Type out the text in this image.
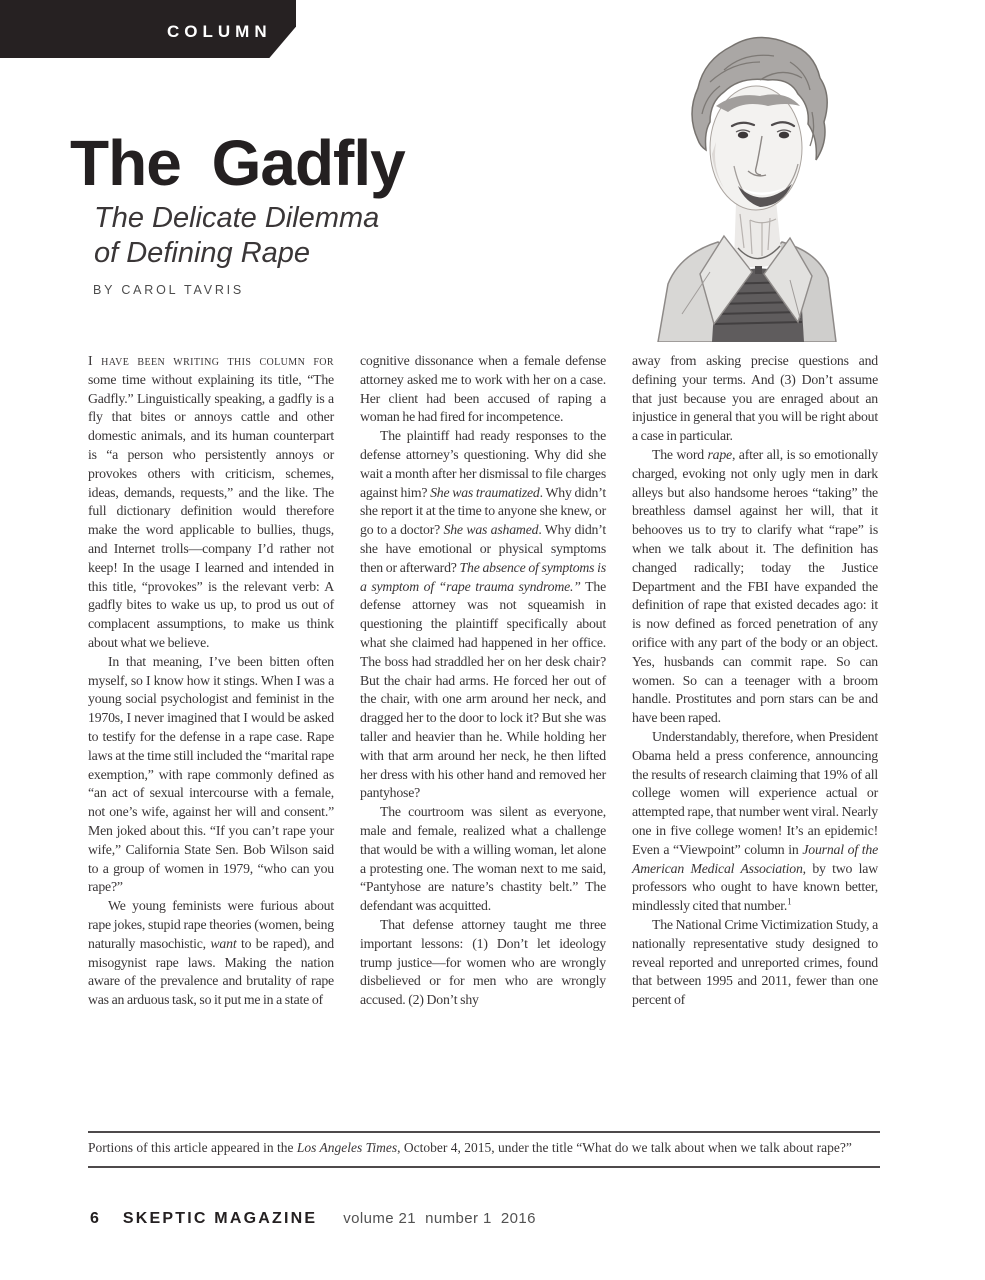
COLUMN
The Gadfly
The Delicate Dilemma
of Defining Rape
BY CAROL TAVRIS

I have been writing this column for some time without explaining its title, “The Gadfly.” Linguistically speaking, a gadfly is a fly that bites or annoys cattle and other domestic animals, and its human counterpart is “a person who persistently annoys or provokes others with criticism, schemes, ideas, demands, requests,” and the like. The full dictionary definition would therefore make the word applicable to bullies, thugs, and Internet trolls—company I’d rather not keep! In the usage I learned and intended in this title, “provokes” is the relevant verb: A gadfly bites to wake us up, to prod us out of complacent assumptions, to make us think about what we believe.

In that meaning, I’ve been bitten often myself, so I know how it stings. When I was a young social psychologist and feminist in the 1970s, I never imagined that I would be asked to testify for the defense in a rape case. Rape laws at the time still included the “marital rape exemption,” with rape commonly defined as “an act of sexual intercourse with a female, not one’s wife, against her will and consent.” Men joked about this. “If you can’t rape your wife,” California State Sen. Bob Wilson said to a group of women in 1979, “who can you rape?”

We young feminists were furious about rape jokes, stupid rape theories (women, being naturally masochistic, want to be raped), and misogynist rape laws. Making the nation aware of the prevalence and brutality of rape was an arduous task, so it put me in a state of

cognitive dissonance when a female defense attorney asked me to work with her on a case. Her client had been accused of raping a woman he had fired for incompetence.

The plaintiff had ready responses to the defense attorney’s questioning. Why did she wait a month after her dismissal to file charges against him? She was traumatized. Why didn’t she report it at the time to anyone she knew, or go to a doctor? She was ashamed. Why didn’t she have emotional or physical symptoms then or afterward? The absence of symptoms is a symptom of “rape trauma syndrome.” The defense attorney was not squeamish in questioning the plaintiff specifically about what she claimed had happened in her office. The boss had straddled her on her desk chair? But the chair had arms. He forced her out of the chair, with one arm around her neck, and dragged her to the door to lock it? But she was taller and heavier than he. While holding her with that arm around her neck, he then lifted her dress with his other hand and removed her pantyhose?

The courtroom was silent as everyone, male and female, realized what a challenge that would be with a willing woman, let alone a protesting one. The woman next to me said, “Pantyhose are nature’s chastity belt.” The defendant was acquitted.

That defense attorney taught me three important lessons: (1) Don’t let ideology trump justice—for women who are wrongly disbelieved or for men who are wrongly accused. (2) Don’t shy

away from asking precise questions and defining your terms. And (3) Don’t assume that just because you are enraged about an injustice in general that you will be right about a case in particular.

The word rape, after all, is so emotionally charged, evoking not only ugly men in dark alleys but also handsome heroes “taking” the breathless damsel against her will, that it behooves us to try to clarify what “rape” is when we talk about it. The definition has changed radically; today the Justice Department and the FBI have expanded the definition of rape that existed decades ago: it is now defined as forced penetration of any orifice with any part of the body or an object. Yes, husbands can commit rape. So can women. So can a teenager with a broom handle. Prostitutes and porn stars can be and have been raped.

Understandably, therefore, when President Obama held a press conference, announcing the results of research claiming that 19% of all college women will experience actual or attempted rape, that number went viral. Nearly one in five college women! It’s an epidemic! Even a “Viewpoint” column in Journal of the American Medical Association, by two law professors who ought to have known better, mindlessly cited that number.$^1$

The National Crime Victimization Study, a nationally representative study designed to reveal reported and unreported crimes, found that between 1995 and 2011, fewer than one percent of

Portions of this article appeared in the Los Angeles Times, October 4, 2015, under the title “What do we talk about when we talk about rape?”
6 SKEPTIC MAGAZINE volume 21  number 1  2016
